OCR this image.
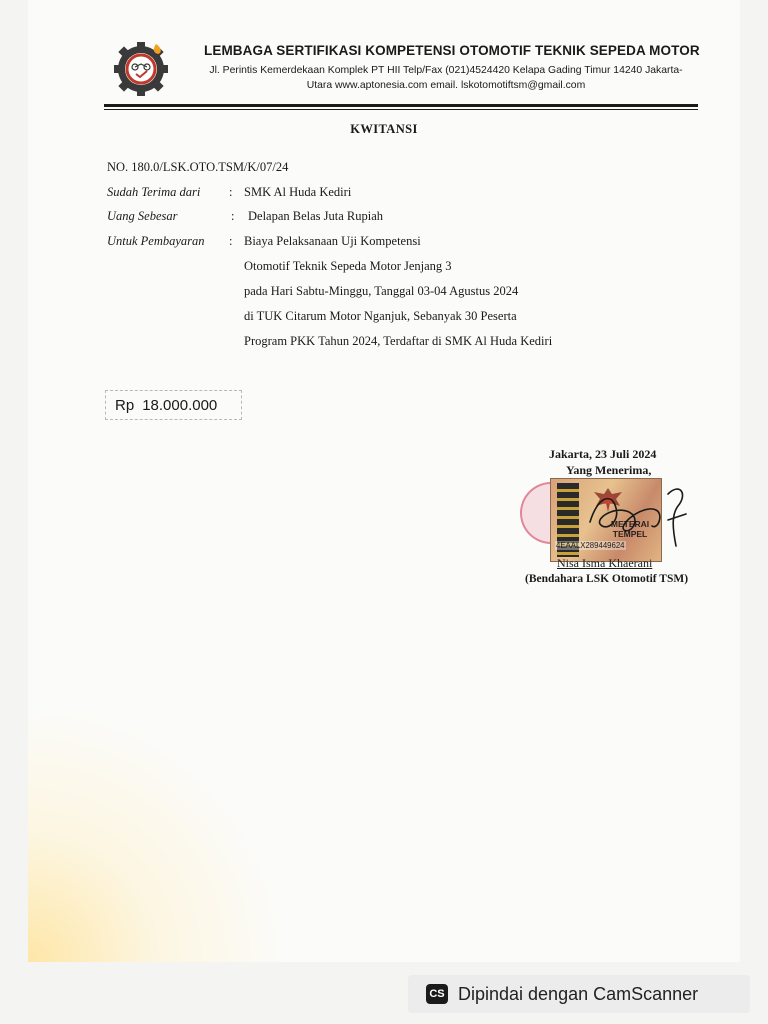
LEMBAGA SERTIFIKASI KOMPETENSI OTOMOTIF TEKNIK SEPEDA MOTOR
Jl. Perintis Kemerdekaan Komplek PT HII Telp/Fax (021)4524420 Kelapa Gading Timur 14240 Jakarta-
Utara www.aptonesia.com email. lskotomotiftsm@gmail.com
KWITANSI
NO. 180.0/LSK.OTO.TSM/K/07/24
Sudah Terima dari : SMK Al Huda Kediri
Uang Sebesar	: Delapan Belas Juta Rupiah
Untuk Pembayaran : Biaya Pelaksanaan Uji Kompetensi
Otomotif Teknik Sepeda Motor Jenjang 3
pada Hari Sabtu-Minggu, Tanggal 03-04 Agustus 2024
di TUK Citarum Motor Nganjuk, Sebanyak 30 Peserta
Program PKK Tahun 2024, Terdaftar di SMK Al Huda Kediri
Rp 18.000.000
Jakarta, 23 Juli 2024
Yang Menerima,
METERAI
TEMPEL
4EAALX289449624
Nisa Isma Khaerani
(Bendahara LSK Otomotif TSM)
CS Dipindai dengan CamScanner
